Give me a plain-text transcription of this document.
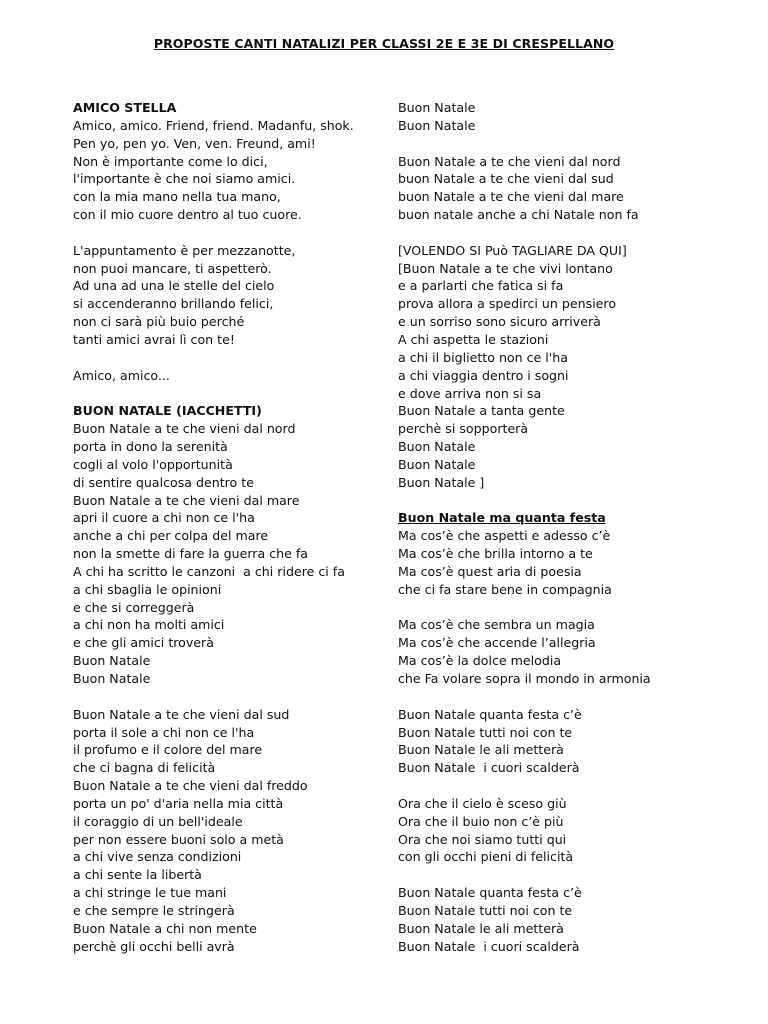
PROPOSTE CANTI NATALIZI PER CLASSI 2E E 3E DI CRESPELLANO
AMICO STELLA
Amico, amico. Friend, friend. Madanfu, shok.
Pen yo, pen yo. Ven, ven. Freund, ami!
Non è importante come lo dici,
l'importante è che noi siamo amici.
con la mia mano nella tua mano,
con il mio cuore dentro al tuo cuore.
L'appuntamento è per mezzanotte,
non puoi mancare, ti aspetterò.
Ad una ad una le stelle del cielo
si accenderanno brillando felici,
non ci sarà più buio perché
tanti amici avrai lì con te!
Amico, amico...
BUON NATALE (IACCHETTI)
Buon Natale a te che vieni dal nord
porta in dono la serenità
cogli al volo l'opportunità
di sentire qualcosa dentro te
Buon Natale a te che vieni dal mare
apri il cuore a chi non ce l'ha
anche a chi per colpa del mare
non la smette di fare la guerra che fa
A chi ha scritto le canzoni  a chi ridere ci fa
a chi sbaglia le opinioni
e che si correggerà
a chi non ha molti amici
e che gli amici troverà
Buon Natale
Buon Natale
Buon Natale a te che vieni dal sud
porta il sole a chi non ce l'ha
il profumo e il colore del mare
che ci bagna di felicità
Buon Natale a te che vieni dal freddo
porta un po' d'aria nella mia città
il coraggio di un bell'ideale
per non essere buoni solo a metà
a chi vive senza condizioni
a chi sente la libertà
a chi stringe le tue mani
e che sempre le stringerà
Buon Natale a chi non mente
perchè gli occhi belli avrà
Buon Natale
Buon Natale
Buon Natale a te che vieni dal nord
buon Natale a te che vieni dal sud
buon Natale a te che vieni dal mare
buon natale anche a chi Natale non fa
[VOLENDO SI Può TAGLIARE DA QUI]
[Buon Natale a te che vivi lontano
e a parlarti che fatica si fa
prova allora a spedirci un pensiero
e un sorriso sono sicuro arriverà
A chi aspetta le stazioni
a chi il biglietto non ce l'ha
a chi viaggia dentro i sogni
e dove arriva non si sa
Buon Natale a tanta gente
perchè si sopporterà
Buon Natale
Buon Natale
Buon Natale ]
Buon Natale ma quanta festa
Ma cos’è che aspetti e adesso c’è
Ma cos’è che brilla intorno a te
Ma cos’è quest aria di poesia
che ci fa stare bene in compagnia
Ma cos’è che sembra un magia
Ma cos’è che accende l’allegria
Ma cos’è la dolce melodia
che Fa volare sopra il mondo in armonia
Buon Natale quanta festa c’è
Buon Natale tutti noi con te
Buon Natale le ali metterà
Buon Natale  i cuori scalderà
Ora che il cielo è sceso giù
Ora che il buio non c’è più
Ora che noi siamo tutti qui
con gli occhi pieni di felicità
Buon Natale quanta festa c’è
Buon Natale tutti noi con te
Buon Natale le ali metterà
Buon Natale  i cuori scalderà
